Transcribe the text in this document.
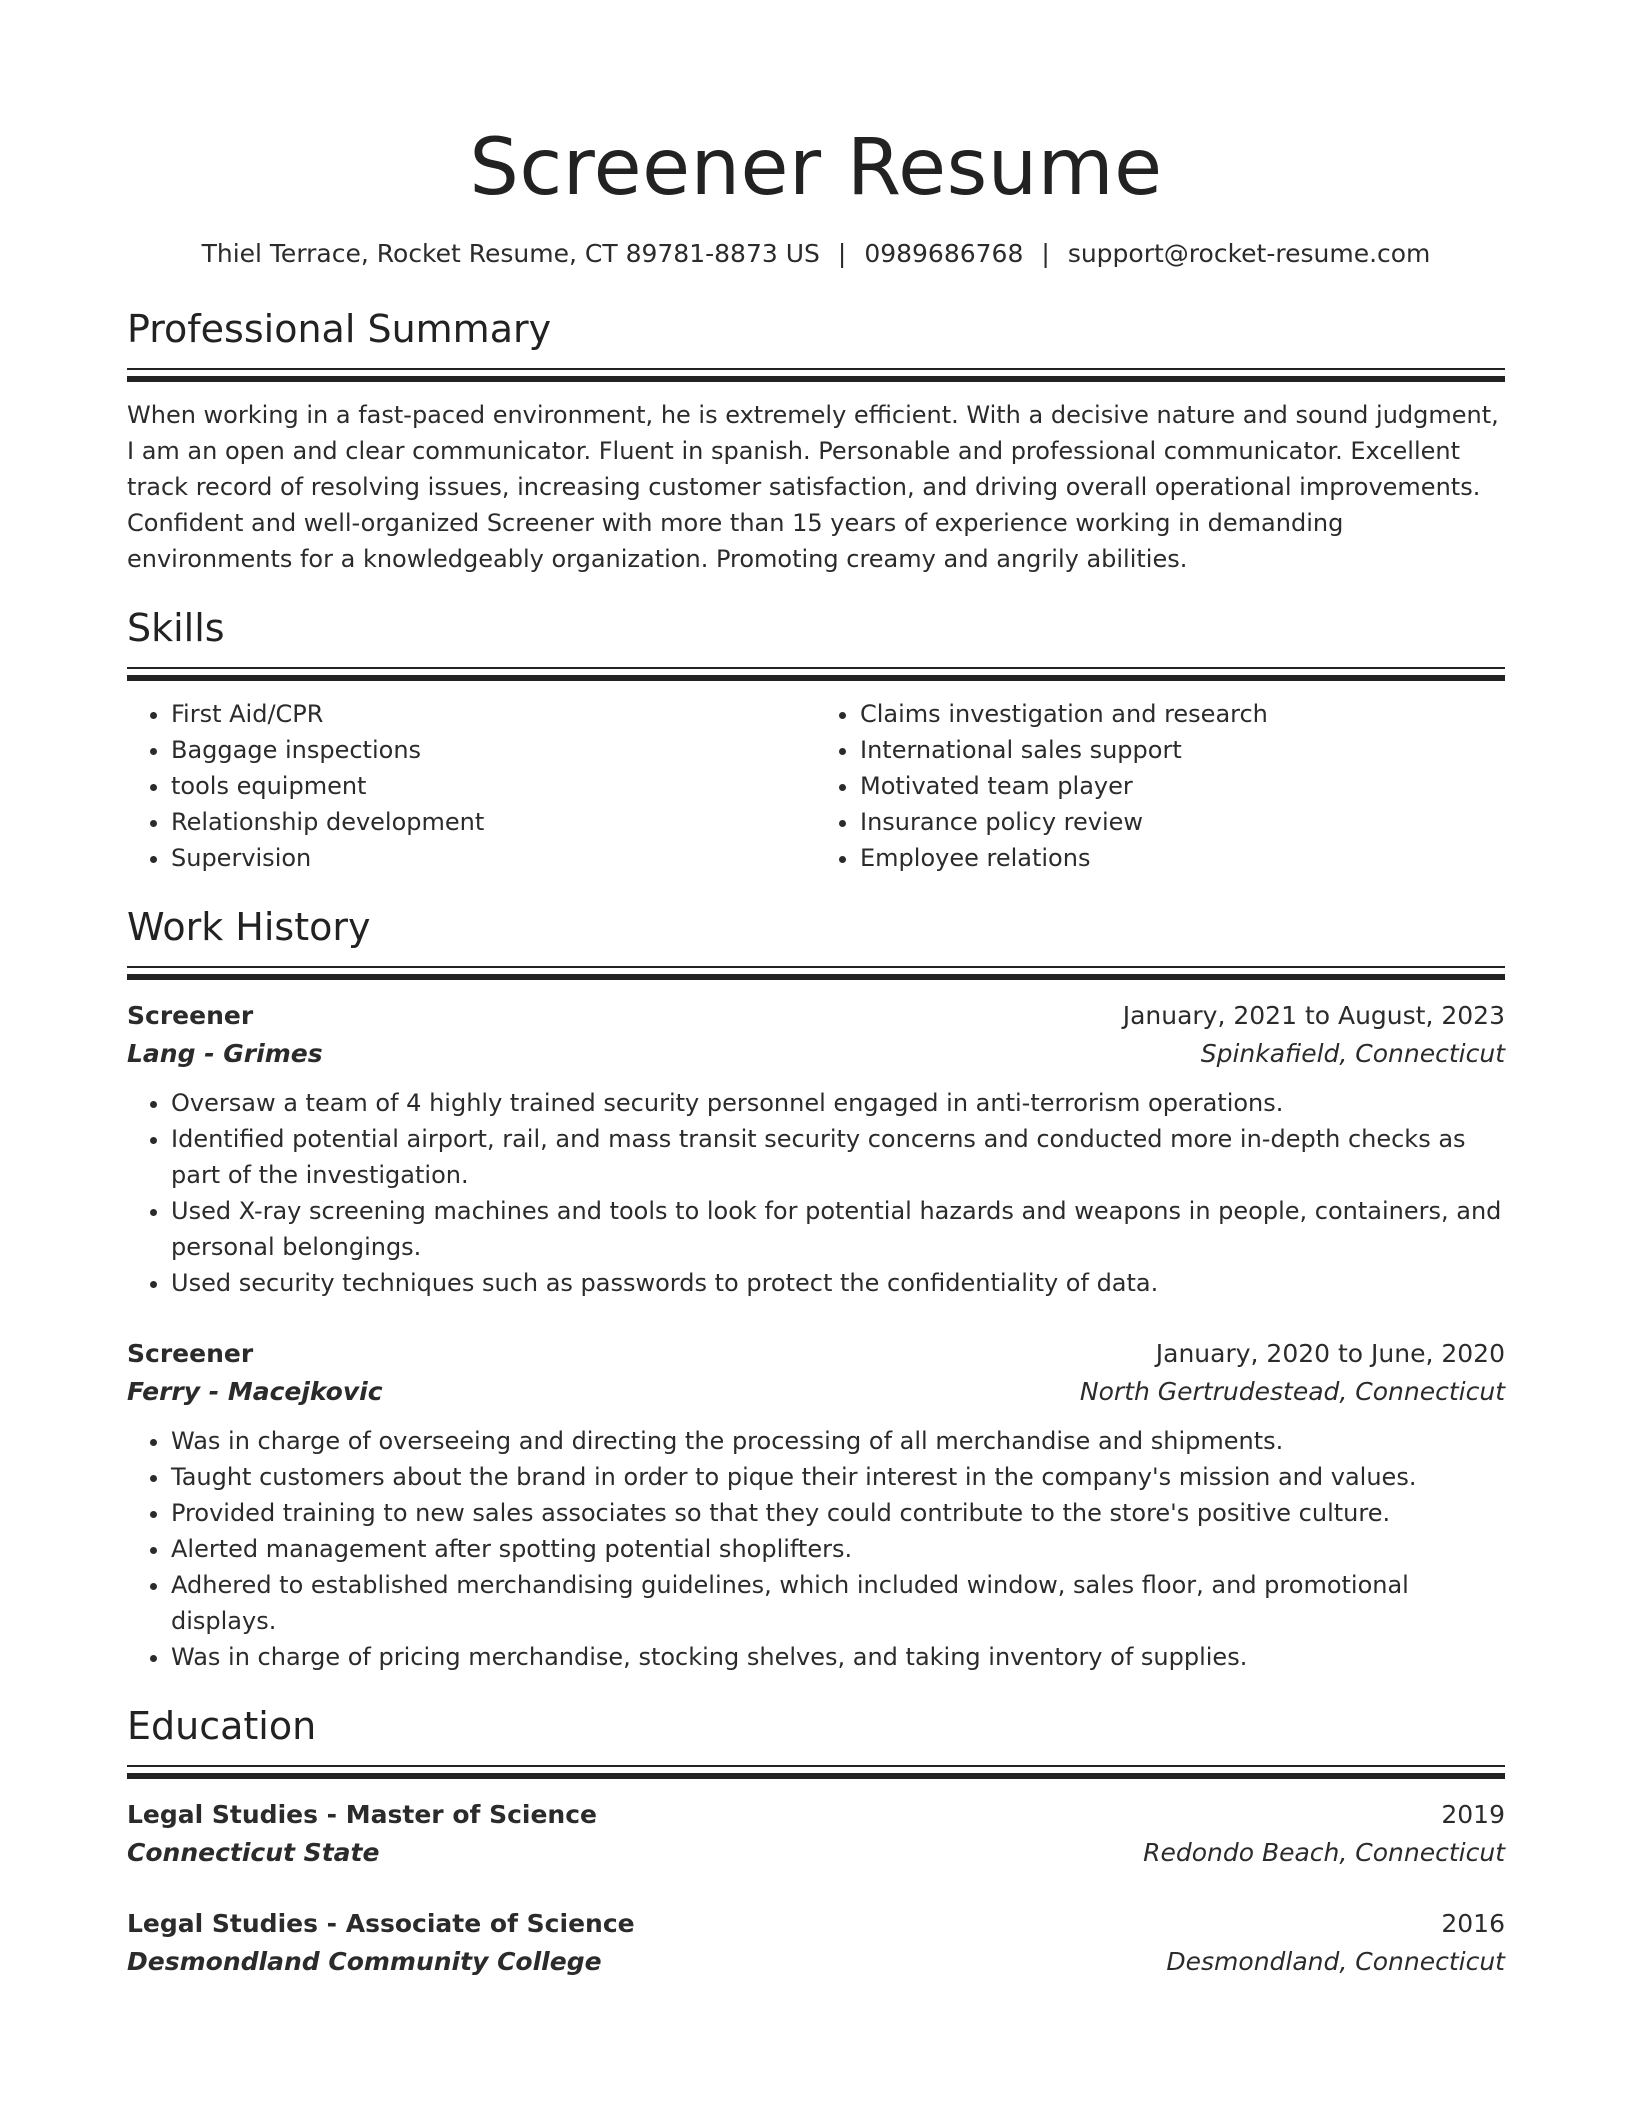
Screener Resume
Thiel Terrace, Rocket Resume, CT 89781-8873 US | 0989686768 | support@rocket-resume.com
Professional Summary

When working in a fast-paced environment, he is extremely efficient. With a decisive nature and sound judgment, I am an open and clear communicator. Fluent in spanish. Personable and professional communicator. Excellent track record of resolving issues, increasing customer satisfaction, and driving overall operational improvements. Confident and well-organized Screener with more than 15 years of experience working in demanding environments for a knowledgeably organization. Promoting creamy and angrily abilities.

Skills
• First Aid/CPR
• Baggage inspections
• tools equipment
• Relationship development
• Supervision
• Claims investigation and research
• International sales support
• Motivated team player
• Insurance policy review
• Employee relations
Work History
Screener	January, 2021 to August, 2023
Lang - Grimes	Spinkafield, Connecticut
• Oversaw a team of 4 highly trained security personnel engaged in anti-terrorism operations.
• Identified potential airport, rail, and mass transit security concerns and conducted more in-depth checks as part of the investigation.
• Used X-ray screening machines and tools to look for potential hazards and weapons in people, containers, and personal belongings.
• Used security techniques such as passwords to protect the confidentiality of data.
Screener	January, 2020 to June, 2020
Ferry - Macejkovic	North Gertrudestead, Connecticut
• Was in charge of overseeing and directing the processing of all merchandise and shipments.
• Taught customers about the brand in order to pique their interest in the company's mission and values.
• Provided training to new sales associates so that they could contribute to the store's positive culture.
• Alerted management after spotting potential shoplifters.
• Adhered to established merchandising guidelines, which included window, sales floor, and promotional displays.
• Was in charge of pricing merchandise, stocking shelves, and taking inventory of supplies.
Education
Legal Studies - Master of Science	2019
Connecticut State	Redondo Beach, Connecticut
Legal Studies - Associate of Science	2016
Desmondland Community College	Desmondland, Connecticut
